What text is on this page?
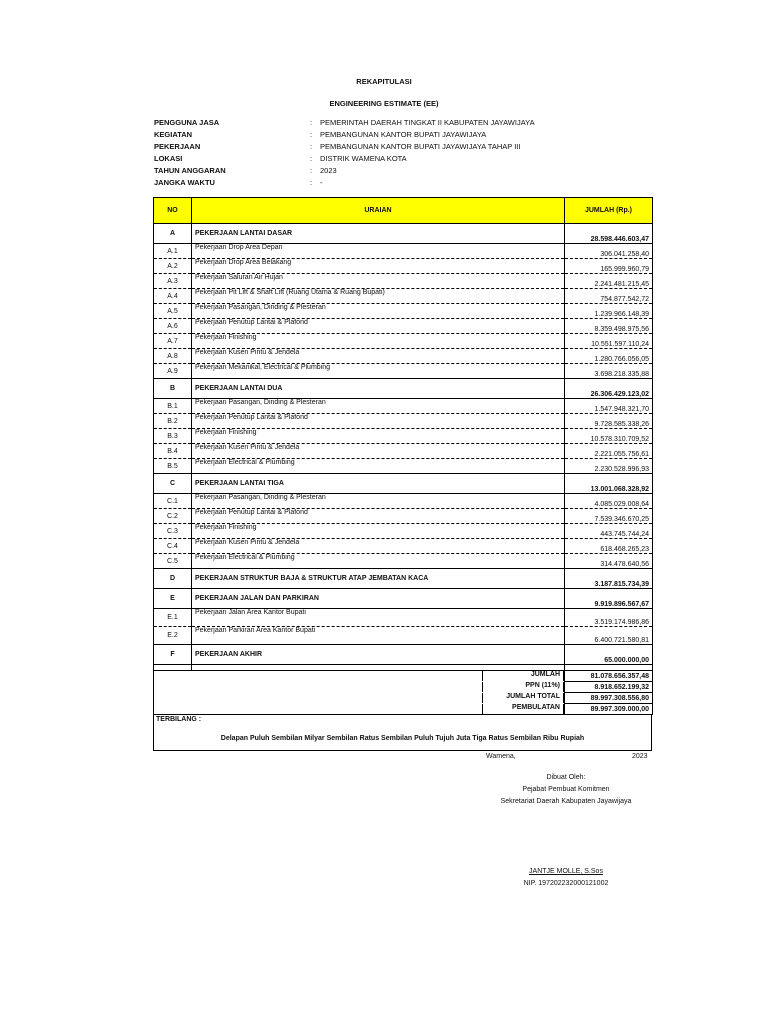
REKAPITULASI
ENGINEERING ESTIMATE (EE)
PENGGUNA JASA	: PEMERINTAH DAERAH TINGKAT II KABUPATEN JAYAWIJAYA
KEGIATAN	: PEMBANGUNAN KANTOR BUPATI JAYAWIJAYA
PEKERJAAN	: PEMBANGUNAN KANTOR BUPATI JAYAWIJAYA TAHAP III
LOKASI	: DISTRIK WAMENA KOTA
TAHUN ANGGARAN	: 2023
JANGKA WAKTU	: -
NO	URAIAN	JUMLAH (Rp.)
A	PEKERJAAN LANTAI DASAR	28.598.446.603,47
A.1	Pekerjaan Drop Area Depan	306.041.258,40
A.2	Pekerjaan Drop Area Belakang	165.999.960,79
A.3	Pekerjaan Saluran Air Hujan	2.241.481.215,45
A.4	Pekerjaan Pit Lift & Shaft Lift (Ruang Utama & Ruang Bupati)	754.877.542,72
A.5	Pekerjaan Pasangan, Dinding & Plesteran	1.239.966.148,39
A.6	Pekerjaan Penutup Lantai & Plafond	8.359.498.975,56
A.7	Pekerjaan Finishing	10.551.597.110,24
A.8	Pekerjaan Kusen Pintu & Jendela	1.280.766.056,05
A.9	Pekerjaan Mekanikal, Electrical & Plumbing	3.698.218.335,88
B	PEKERJAAN LANTAI DUA	26.306.429.123,02
B.1	Pekerjaan Pasangan, Dinding & Plesteran	1.547.948.321,70
B.2	Pekerjaan Penutup Lantai & Plafond	9.728.585.338,26
B.3	Pekerjaan Finishing	10.578.310.709,52
B.4	Pekerjaan Kusen Pintu & Jendela	2.221.055.756,61
B.5	Pekerjaan Electrical & Plumbing	2.230.528.996,93
C	PEKERJAAN LANTAI TIGA	13.001.068.328,92
C.1	Pekerjaan Pasangan, Dinding & Plesteran	4.085.029.008,64
C.2	Pekerjaan Penutup Lantai & Plafond	7.539.346.670,25
C.3	Pekerjaan Finishing	443.745.744,24
C.4	Pekerjaan Kusen Pintu & Jendela	618.468.265,23
C.5	Pekerjaan Electrical & Plumbing	314.478.640,56
D	PEKERJAAN STRUKTUR BAJA & STRUKTUR ATAP JEMBATAN KACA	3.187.815.734,39
E	PEKERJAAN JALAN DAN PARKIRAN	9.919.896.567,67
E.1	Pekerjaan Jalan Area Kantor Bupati	3.519.174.986,86
E.2	Pekerjaan Parkiran Area Kantor Bupati	6.400.721.580,81
F	PEKERJAAN AKHIR	65.000.000,00

	JUMLAH	81.078.656.357,48

	PPN (11%)	8.918.652.199,32

	JUMLAH TOTAL	89.997.308.556,80

	PEMBULATAN	89.997.309.000,00
TERBILANG :
Delapan Puluh Sembilan Milyar Sembilan Ratus Sembilan Puluh Tujuh Juta Tiga Ratus Sembilan Ribu Rupiah
Wamena,	2023
Dibuat Oleh:
Pejabat Pembuat Komitmen
Sekretariat Daerah Kabupaten Jayawijaya
JANTJE MOLLE, S.Sos
NIP. 197202232000121002
